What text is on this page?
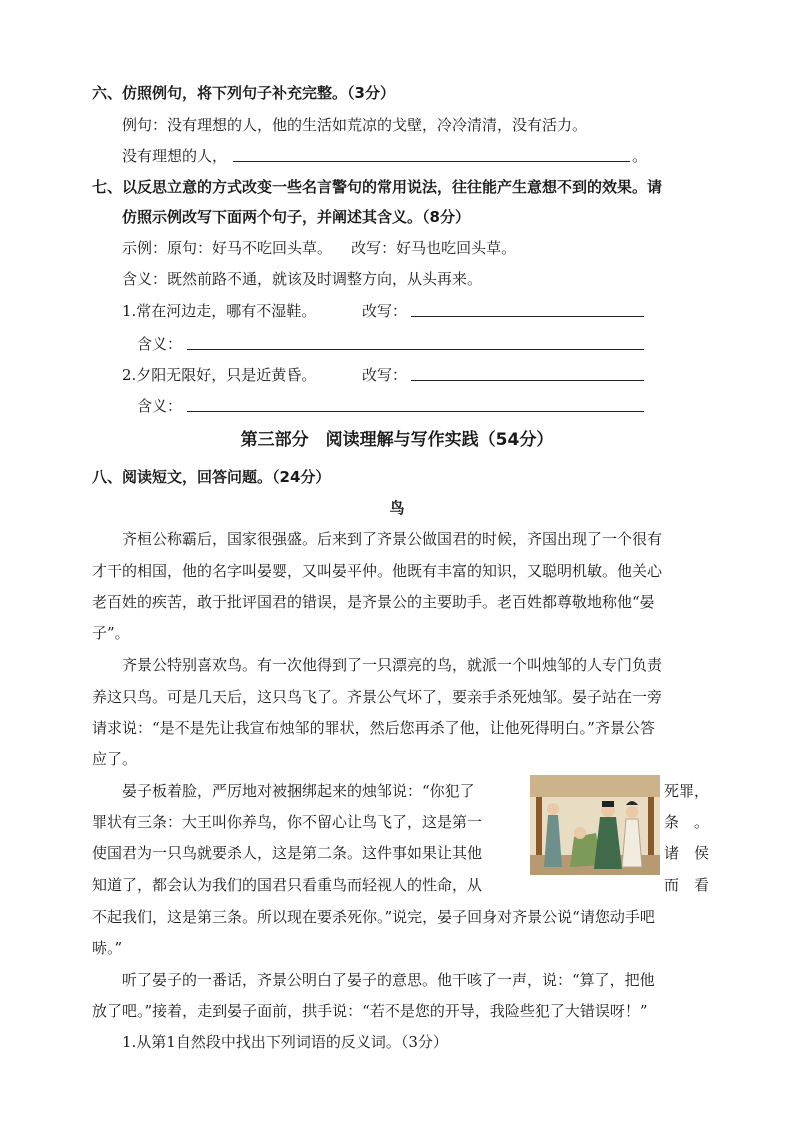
六、仿照例句，将下列句子补充完整。（3分）
例句：没有理想的人，他的生活如荒凉的戈壁，冷冷清清，没有活力。
没有理想的人，	。
七、以反思立意的方式改变一些名言警句的常用说法，往往能产生意想不到的效果。请
仿照示例改写下面两个句子，并阐述其含义。（8分）
示例：原句：好马不吃回头草。    改写：好马也吃回头草。
含义：既然前路不通，就该及时调整方向，从头再来。
1.常在河边走，哪有不湿鞋。	改写：
含义：
2.夕阳无限好，只是近黄昏。	改写：
含义：
第三部分　阅读理解与写作实践（54分）
八、阅读短文，回答问题。（24分）
鸟
齐桓公称霸后，国家很强盛。后来到了齐景公做国君的时候，齐国出现了一个很有
才干的相国，他的名字叫晏婴，又叫晏平仲。他既有丰富的知识，又聪明机敏。他关心
老百姓的疾苦，敢于批评国君的错误，是齐景公的主要助手。老百姓都尊敬地称他“晏
子”。
齐景公特别喜欢鸟。有一次他得到了一只漂亮的鸟，就派一个叫烛邹的人专门负责
养这只鸟。可是几天后，这只鸟飞了。齐景公气坏了，要亲手杀死烛邹。晏子站在一旁
请求说：“是不是先让我宣布烛邹的罪状，然后您再杀了他，让他死得明白。”齐景公答
应了。
晏子板着脸，严厉地对被捆绑起来的烛邹说：“你犯了	死罪，
罪状有三条：大王叫你养鸟，你不留心让鸟飞了，这是第一	条　。
使国君为一只鸟就要杀人，这是第二条。这件事如果让其他	诸　侯
知道了，都会认为我们的国君只看重鸟而轻视人的性命，从	而　看
不起我们，这是第三条。所以现在要杀死你。”说完，晏子回身对齐景公说“请您动手吧
哧。”
听了晏子的一番话，齐景公明白了晏子的意思。他干咳了一声，说：“算了，把他
放了吧。”接着，走到晏子面前，拱手说：“若不是您的开导，我险些犯了大错误呀！”
1.从第1自然段中找出下列词语的反义词。（3分）
